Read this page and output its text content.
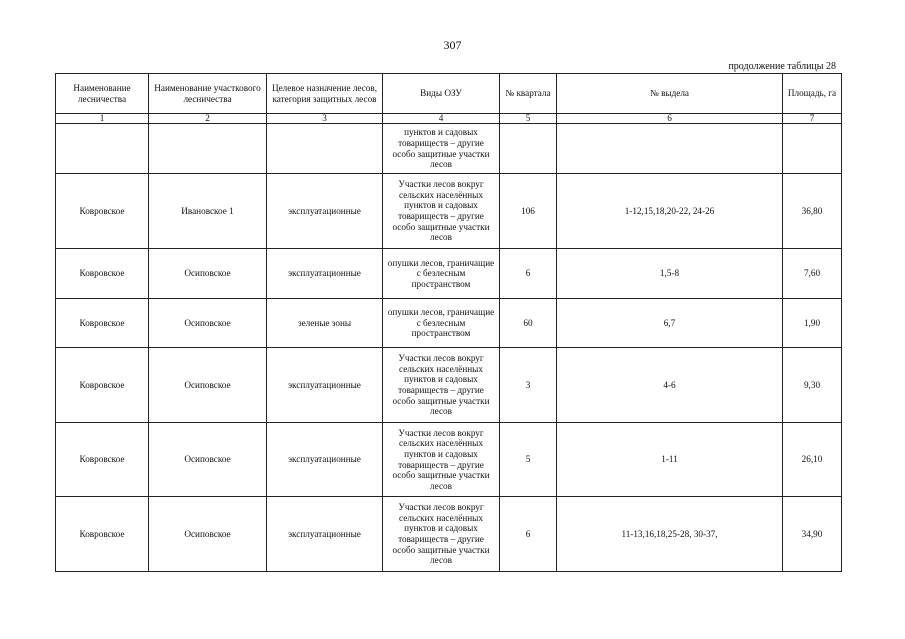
307
продолжение таблицы 28
Наименование лесничества	Наименование участкового лесничества	Целевое назначение лесов, категория защитных лесов	Виды ОЗУ	№ квартала	№ выдела	Площадь, га
1	2	3	4	5	6	7
			пунктов и садовых товариществ – другие особо защитные участки лесов			
Ковровское	Ивановское 1	эксплуатационные	Участки лесов вокруг сельских населённых пунктов и садовых товариществ – другие особо защитные участки лесов	106	1-12,15,18,20-22, 24-26	36,80
Ковровское	Осиповское	эксплуатационные	опушки лесов, граничащие с безлесным пространством	6	1,5-8	7,60
Ковровское	Осиповское	зеленые зоны	опушки лесов, граничащие с безлесным пространством	60	6,7	1,90
Ковровское	Осиповское	эксплуатационные	Участки лесов вокруг сельских населённых пунктов и садовых товариществ – другие особо защитные участки лесов	3	4-6	9,30
Ковровское	Осиповское	эксплуатационные	Участки лесов вокруг сельских населённых пунктов и садовых товариществ – другие особо защитные участки лесов	5	1-11	26,10
Ковровское	Осиповское	эксплуатационные	Участки лесов вокруг сельских населённых пунктов и садовых товариществ – другие особо защитные участки лесов	6	11-13,16,18,25-28, 30-37,	34,90
